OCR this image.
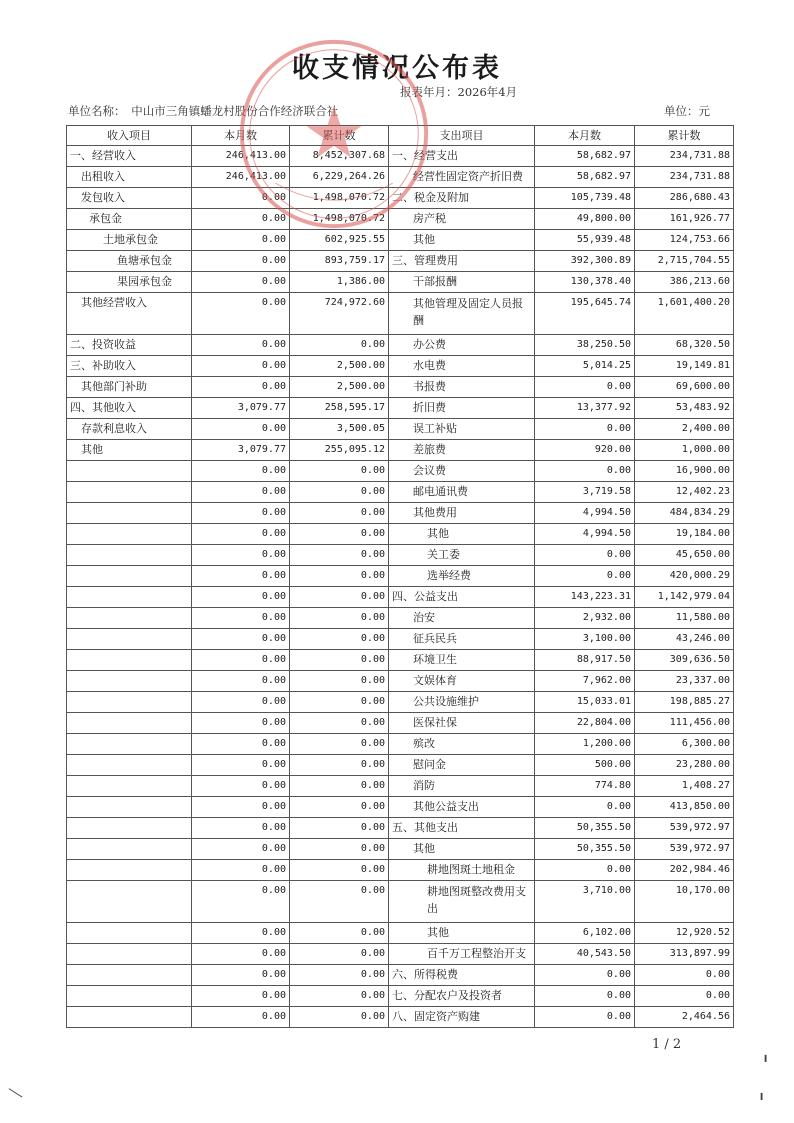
收支情况公布表
报表年月：2026年4月
单位名称：　中山市三角镇蟠龙村股份合作经济联合社	单位：元
收入项目	本月数	累计数	支出项目	本月数	累计数
一、经营收入	246,413.00	8,452,307.68	一、经营支出	58,682.97	234,731.88
出租收入	246,413.00	6,229,264.26	经营性固定资产折旧费	58,682.97	234,731.88
发包收入	0.00	1,498,070.72	二、税金及附加	105,739.48	286,680.43
承包金	0.00	1,498,070.72	房产税	49,800.00	161,926.77
土地承包金	0.00	602,925.55	其他	55,939.48	124,753.66
鱼塘承包金	0.00	893,759.17	三、管理费用	392,300.89	2,715,704.55
果园承包金	0.00	1,386.00	干部报酬	130,378.40	386,213.60
其他经营收入	0.00	724,972.60	其他管理及固定人员报酬	195,645.74	1,601,400.20
二、投资收益	0.00	0.00	办公费	38,250.50	68,320.50
三、补助收入	0.00	2,500.00	水电费	5,014.25	19,149.81
其他部门补助	0.00	2,500.00	书报费	0.00	69,600.00
四、其他收入	3,079.77	258,595.17	折旧费	13,377.92	53,483.92
存款利息收入	0.00	3,500.05	误工补贴	0.00	2,400.00
其他	3,079.77	255,095.12	差旅费	920.00	1,000.00
	0.00	0.00	会议费	0.00	16,900.00
	0.00	0.00	邮电通讯费	3,719.58	12,402.23
	0.00	0.00	其他费用	4,994.50	484,834.29
	0.00	0.00	其他	4,994.50	19,184.00
	0.00	0.00	关工委	0.00	45,650.00
	0.00	0.00	选举经费	0.00	420,000.29
	0.00	0.00	四、公益支出	143,223.31	1,142,979.04
	0.00	0.00	治安	2,932.00	11,580.00
	0.00	0.00	征兵民兵	3,100.00	43,246.00
	0.00	0.00	环境卫生	88,917.50	309,636.50
	0.00	0.00	文娱体育	7,962.00	23,337.00
	0.00	0.00	公共设施维护	15,033.01	198,885.27
	0.00	0.00	医保社保	22,804.00	111,456.00
	0.00	0.00	殡改	1,200.00	6,300.00
	0.00	0.00	慰问金	500.00	23,280.00
	0.00	0.00	消防	774.80	1,408.27
	0.00	0.00	其他公益支出	0.00	413,850.00
	0.00	0.00	五、其他支出	50,355.50	539,972.97
	0.00	0.00	其他	50,355.50	539,972.97
	0.00	0.00	耕地图斑土地租金	0.00	202,984.46
	0.00	0.00	耕地图斑整改费用支出	3,710.00	10,170.00
	0.00	0.00	其他	6,102.00	12,920.52
	0.00	0.00	百千万工程整治开支	40,543.50	313,897.99
	0.00	0.00	六、所得税费	0.00	0.00
	0.00	0.00	七、分配农户及投资者	0.00	0.00
	0.00	0.00	八、固定资产购建	0.00	2,464.56
1 / 2
╹
╻
╲
